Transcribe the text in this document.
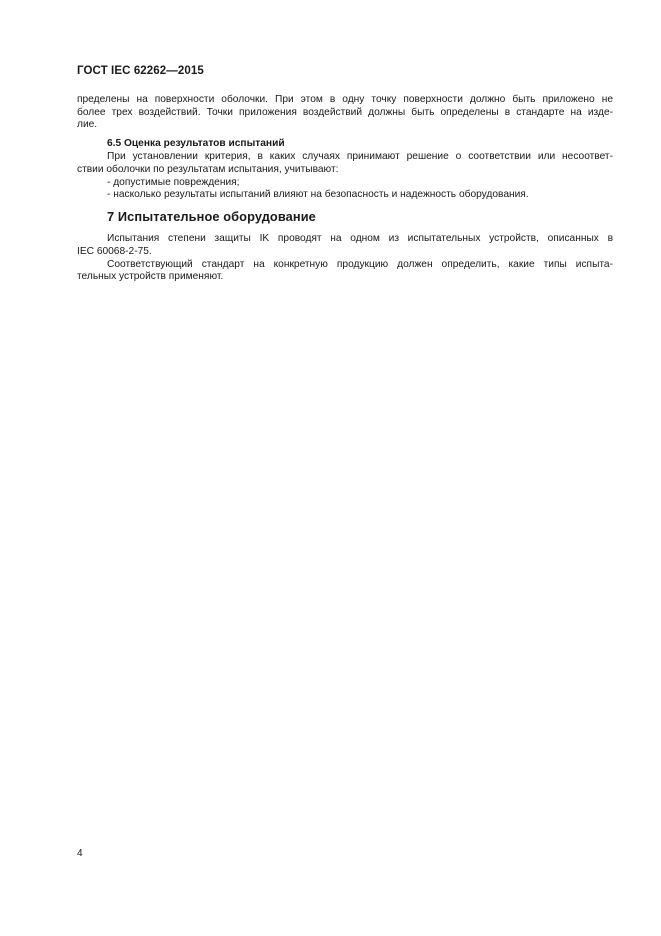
ГОСТ IEC 62262—2015

пределены на поверхности оболочки. При этом в одну точку поверхности должно быть приложено не

более трех воздействий. Точки приложения воздействий должны быть определены в стандарте на изде-

лие.

6.5 Оценка результатов испытаний

При установлении критерия, в каких случаях принимают решение о соответствии или несоответ-

ствии оболочки по результатам испытания, учитывают:

- допустимые повреждения;

- насколько результаты испытаний влияют на безопасность и надежность оборудования.

7 Испытательное оборудование

Испытания степени защиты IK проводят на одном из испытательных устройств, описанных в

IEC 60068-2-75.

Соответствующий стандарт на конкретную продукцию должен определить, какие типы испыта-

тельных устройств применяют.

4
